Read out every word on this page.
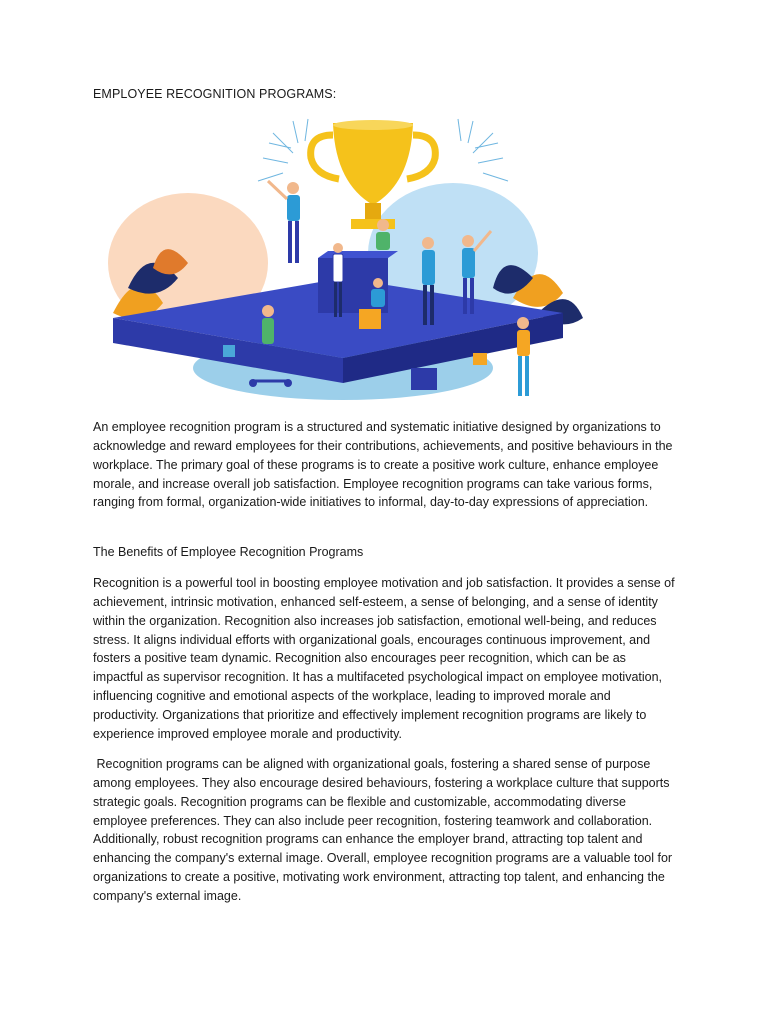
EMPLOYEE RECOGNITION PROGRAMS:

An employee recognition program is a structured and systematic initiative designed by organizations to acknowledge and reward employees for their contributions, achievements, and positive behaviours in the workplace. The primary goal of these programs is to create a positive work culture, enhance employee morale, and increase overall job satisfaction. Employee recognition programs can take various forms, ranging from formal, organization-wide initiatives to informal, day-to-day expressions of appreciation.

The Benefits of Employee Recognition Programs

Recognition is a powerful tool in boosting employee motivation and job satisfaction. It provides a sense of achievement, intrinsic motivation, enhanced self-esteem, a sense of belonging, and a sense of identity within the organization. Recognition also increases job satisfaction, emotional well-being, and reduces stress. It aligns individual efforts with organizational goals, encourages continuous improvement, and fosters a positive team dynamic. Recognition also encourages peer recognition, which can be as impactful as supervisor recognition. It has a multifaceted psychological impact on employee motivation, influencing cognitive and emotional aspects of the workplace, leading to improved morale and productivity. Organizations that prioritize and effectively implement recognition programs are likely to experience improved employee morale and productivity.

Recognition programs can be aligned with organizational goals, fostering a shared sense of purpose among employees. They also encourage desired behaviours, fostering a workplace culture that supports strategic goals. Recognition programs can be flexible and customizable, accommodating diverse employee preferences. They can also include peer recognition, fostering teamwork and collaboration. Additionally, robust recognition programs can enhance the employer brand, attracting top talent and enhancing the company's external image. Overall, employee recognition programs are a valuable tool for organizations to create a positive, motivating work environment, attracting top talent, and enhancing the company's external image.
